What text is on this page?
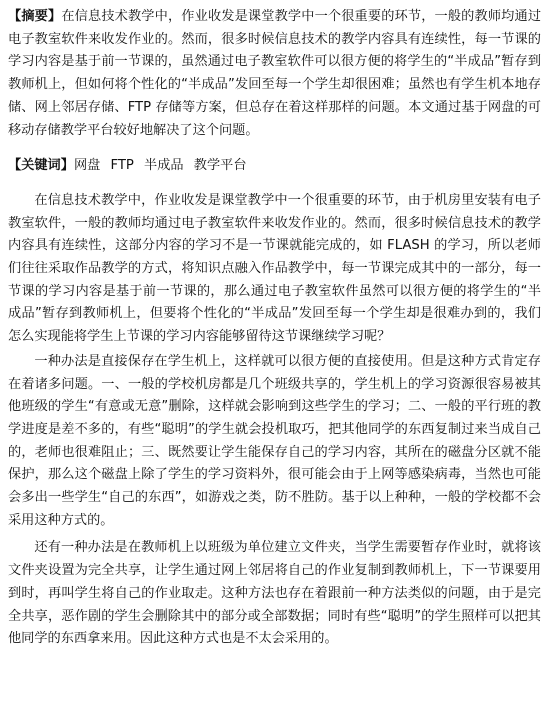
【摘要】在信息技术教学中，作业收发是课堂教学中一个很重要的环节，一般的教师均通过电子教室软件来收发作业的。然而，很多时候信息技术的教学内容具有连续性，每一节课的学习内容是基于前一节课的，虽然通过电子教室软件可以很方便的将学生的“半成品”暂存到教师机上，但如何将个性化的“半成品”发回至每一个学生却很困难；虽然也有学生机本地存储、网上邻居存储、FTP 存储等方案，但总存在着这样那样的问题。本文通过基于网盘的可移动存储教学平台较好地解决了这个问题。

【关键词】网盘 FTP 半成品 教学平台

在信息技术教学中，作业收发是课堂教学中一个很重要的环节，由于机房里安装有电子教室软件，一般的教师均通过电子教室软件来收发作业的。然而，很多时候信息技术的教学内容具有连续性，这部分内容的学习不是一节课就能完成的，如 FLASH 的学习，所以老师们往往采取作品教学的方式，将知识点融入作品教学中，每一节课完成其中的一部分，每一节课的学习内容是基于前一节课的，那么通过电子教室软件虽然可以很方便的将学生的“半成品”暂存到教师机上，但要将个性化的“半成品”发回至每一个学生却是很难办到的，我们怎么实现能将学生上节课的学习内容能够留待这节课继续学习呢？

一种办法是直接保存在学生机上，这样就可以很方便的直接使用。但是这种方式肯定存在着诸多问题。一、一般的学校机房都是几个班级共享的，学生机上的学习资源很容易被其他班级的学生“有意或无意”删除，这样就会影响到这些学生的学习；二、一般的平行班的教学进度是差不多的，有些“聪明”的学生就会投机取巧，把其他同学的东西复制过来当成自己的，老师也很难阻止；三、既然要让学生能保存自己的学习内容，其所在的磁盘分区就不能保护，那么这个磁盘上除了学生的学习资料外，很可能会由于上网等感染病毒，当然也可能会多出一些学生“自己的东西”，如游戏之类，防不胜防。基于以上种种，一般的学校都不会采用这种方式的。

还有一种办法是在教师机上以班级为单位建立文件夹，当学生需要暂存作业时，就将该文件夹设置为完全共享，让学生通过网上邻居将自己的作业复制到教师机上，下一节课要用到时，再叫学生将自己的作业取走。这种方法也存在着跟前一种方法类似的问题，由于是完全共享，恶作剧的学生会删除其中的部分或全部数据；同时有些“聪明”的学生照样可以把其他同学的东西拿来用。因此这种方式也是不太会采用的。
